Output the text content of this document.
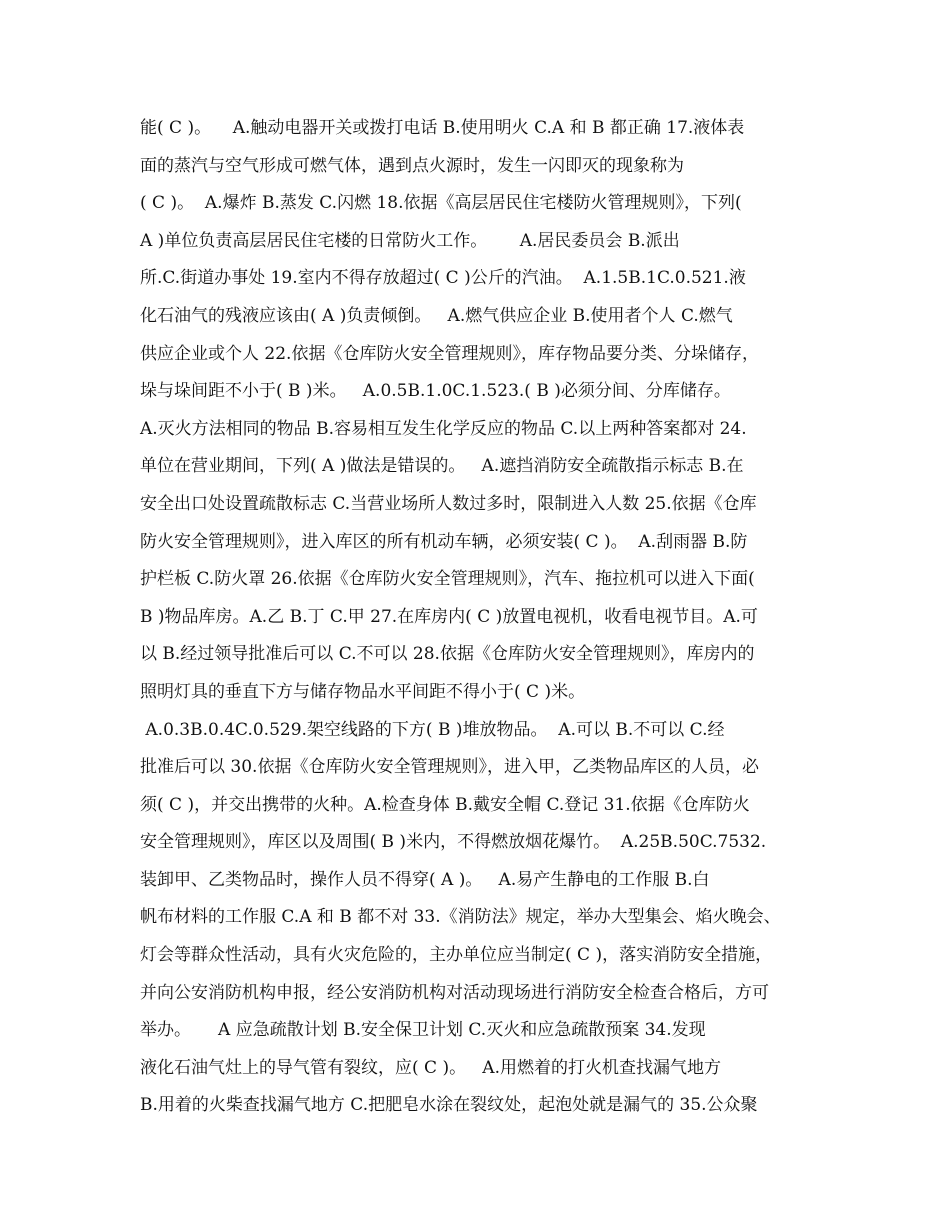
能( C )。    A.触动电器开关或拨打电话 B.使用明火 C.A 和 B 都正确 17.液体表
面的蒸汽与空气形成可燃气体，遇到点火源时，发生一闪即灭的现象称为
( C )。  A.爆炸 B.蒸发 C.闪燃 18.依据《高层居民住宅楼防火管理规则》，下列(
A )单位负责高层居民住宅楼的日常防火工作。      A.居民委员会 B.派出
所.C.街道办事处 19.室内不得存放超过( C )公斤的汽油。  A.1.5B.1C.0.521.液
化石油气的残液应该由( A )负责倾倒。   A.燃气供应企业 B.使用者个人 C.燃气
供应企业或个人 22.依据《仓库防火安全管理规则》，库存物品要分类、分垛储存，
垛与垛间距不小于( B )米。   A.0.5B.1.0C.1.523.( B )必须分间、分库储存。
A.灭火方法相同的物品 B.容易相互发生化学反应的物品 C.以上两种答案都对 24.
单位在营业期间，下列( A )做法是错误的。   A.遮挡消防安全疏散指示标志 B.在
安全出口处设置疏散标志 C.当营业场所人数过多时，限制进入人数 25.依据《仓库
防火安全管理规则》，进入库区的所有机动车辆，必须安装( C )。  A.刮雨器 B.防
护栏板 C.防火罩 26.依据《仓库防火安全管理规则》，汽车、拖拉机可以进入下面(
B )物品库房。A.乙 B.丁 C.甲 27.在库房内( C )放置电视机，收看电视节目。A.可
以 B.经过领导批准后可以 C.不可以 28.依据《仓库防火安全管理规则》，库房内的
照明灯具的垂直下方与储存物品水平间距不得小于( C )米。
A.0.3B.0.4C.0.529.架空线路的下方( B )堆放物品。  A.可以 B.不可以 C.经
批准后可以 30.依据《仓库防火安全管理规则》，进入甲，乙类物品库区的人员，必
须( C )，并交出携带的火种。A.检查身体 B.戴安全帽 C.登记 31.依据《仓库防火
安全管理规则》，库区以及周围( B )米内，不得燃放烟花爆竹。  A.25B.50C.7532.
装卸甲、乙类物品时，操作人员不得穿( A )。   A.易产生静电的工作服 B.白
帆布材料的工作服 C.A 和 B 都不对 33.《消防法》规定，举办大型集会、焰火晚会、
灯会等群众性活动，具有火灾危险的，主办单位应当制定( C )，落实消防安全措施，
并向公安消防机构申报，经公安消防机构对活动现场进行消防安全检查合格后，方可
举办。     A 应急疏散计划 B.安全保卫计划 C.灭火和应急疏散预案 34.发现
液化石油气灶上的导气管有裂纹，应( C )。   A.用燃着的打火机查找漏气地方
B.用着的火柴查找漏气地方 C.把肥皂水涂在裂纹处，起泡处就是漏气的 35.公众聚
